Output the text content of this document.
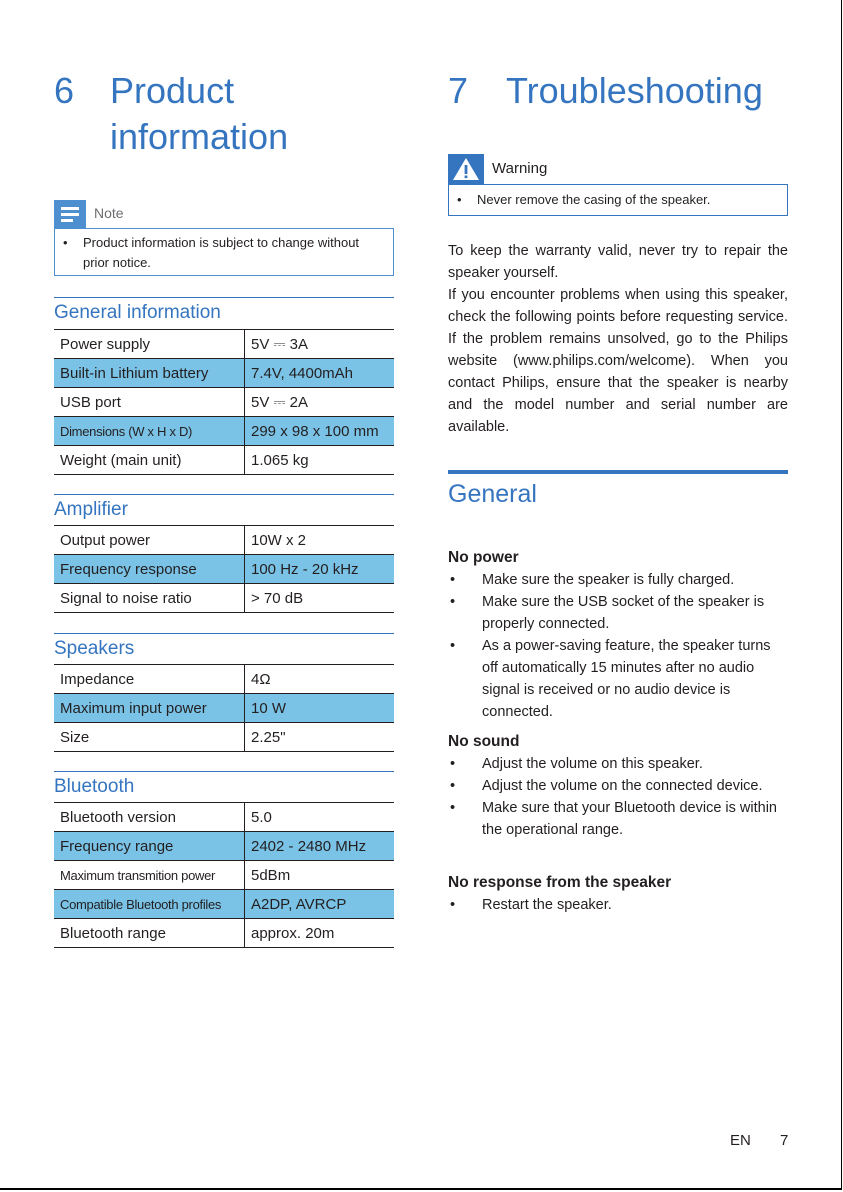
6 Product
information
Note
• Product information is subject to change without prior notice.
General information
Power supply	5V ⎓ 3A
Built-in Lithium battery	7.4V, 4400mAh
USB port	5V ⎓ 2A
Dimensions (W x H x D)	299 x 98 x 100 mm
Weight (main unit)	1.065 kg
Amplifier
Output power	10W x 2
Frequency response	100 Hz - 20 kHz
Signal to noise ratio	> 70 dB
Speakers
Impedance	4Ω
Maximum input power	10 W
Size	2.25"
Bluetooth
Bluetooth version	5.0
Frequency range	2402 - 2480 MHz
Maximum transmition power	5dBm
Compatible Bluetooth profiles	A2DP, AVRCP
Bluetooth range	approx. 20m
7 Troubleshooting
Warning
• Never remove the casing of the speaker.
To keep the warranty valid, never try to repair the speaker yourself.
If you encounter problems when using this speaker, check the following points before requesting service. If the problem remains unsolved, go to the Philips website (www.philips.com/welcome). When you contact Philips, ensure that the speaker is nearby and the model number and serial number are available.
General
No power
• Make sure the speaker is fully charged.
• Make sure the USB socket of the speaker is properly connected.
• As a power-saving feature, the speaker turns off automatically 15 minutes after no audio signal is received or no audio device is connected.
No sound
• Adjust the volume on this speaker.
• Adjust the volume on the connected device.
• Make sure that your Bluetooth device is within the operational range.
No response from the speaker
• Restart the speaker.
EN 7
